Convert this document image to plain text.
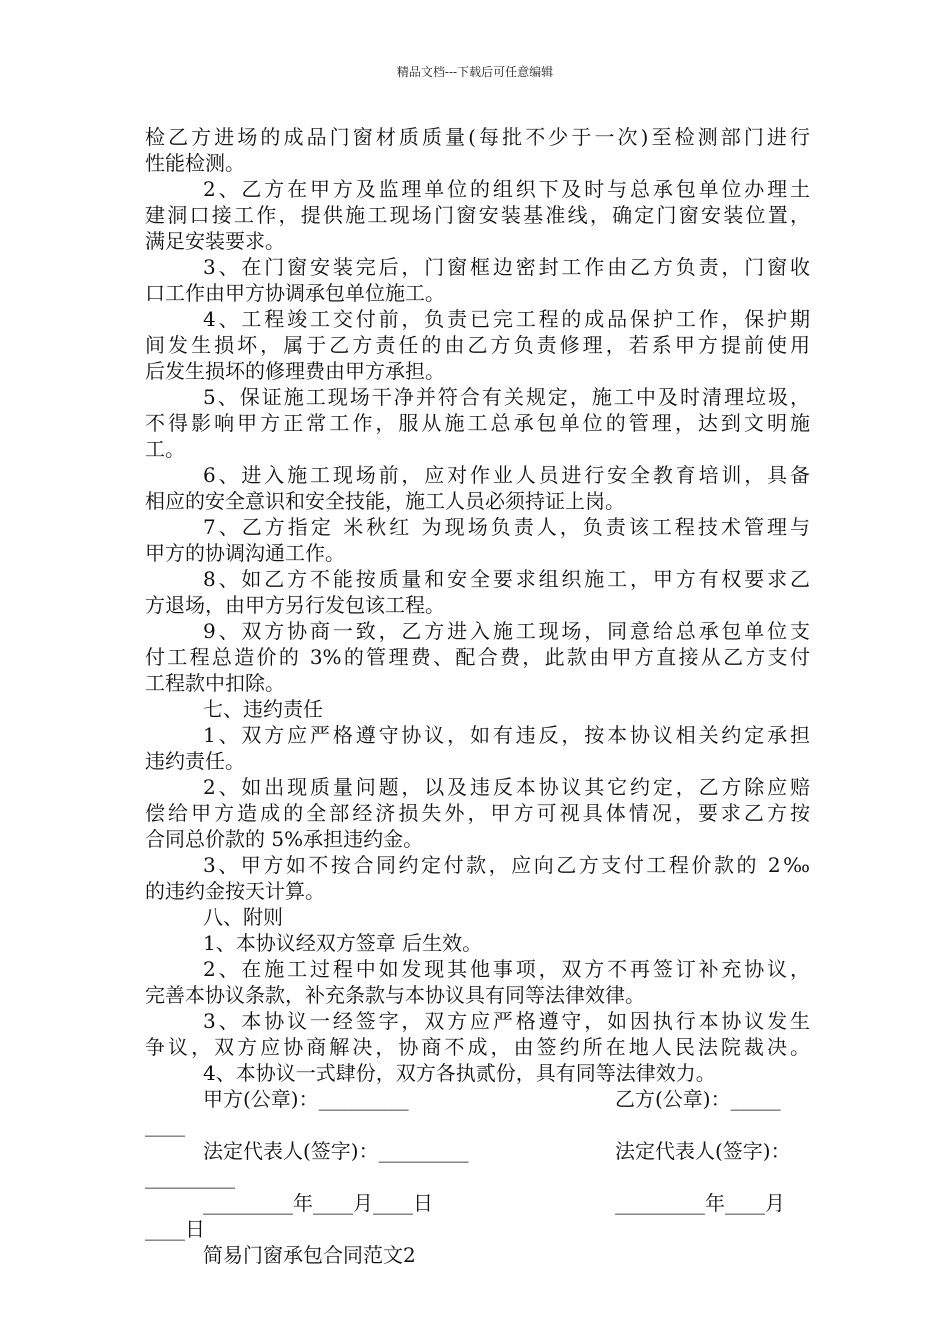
精品文档---下载后可任意编辑
检乙方进场的成品门窗材质质量(每批不少于一次)至检测部门进行
性能检测。
2、乙方在甲方及监理单位的组织下及时与总承包单位办理土
建洞口接工作，提供施工现场门窗安装基准线，确定门窗安装位置，
满足安装要求。
3、在门窗安装完后，门窗框边密封工作由乙方负责，门窗收
口工作由甲方协调承包单位施工。
4、工程竣工交付前，负责已完工程的成品保护工作，保护期
间发生损坏，属于乙方责任的由乙方负责修理，若系甲方提前使用
后发生损坏的修理费由甲方承担。
5、保证施工现场干净并符合有关规定，施工中及时清理垃圾，
不得影响甲方正常工作，服从施工总承包单位的管理，达到文明施
工。
6、进入施工现场前，应对作业人员进行安全教育培训，具备
相应的安全意识和安全技能，施工人员必须持证上岗。
7、乙方指定 米秋红 为现场负责人，负责该工程技术管理与
甲方的协调沟通工作。
8、如乙方不能按质量和安全要求组织施工，甲方有权要求乙
方退场，由甲方另行发包该工程。
9、双方协商一致，乙方进入施工现场，同意给总承包单位支
付工程总造价的 3%的管理费、配合费，此款由甲方直接从乙方支付
工程款中扣除。
七、违约责任
1、双方应严格遵守协议，如有违反，按本协议相关约定承担
违约责任。
2、如出现质量问题，以及违反本协议其它约定，乙方除应赔
偿给甲方造成的全部经济损失外，甲方可视具体情况，要求乙方按
合同总价款的 5%承担违约金。
3、甲方如不按合同约定付款，应向乙方支付工程价款的 2‰
的违约金按天计算。
八、附则
1、本协议经双方签章 后生效。
2、在施工过程中如发现其他事项，双方不再签订补充协议，
完善本协议条款，补充条款与本协议具有同等法律效律。
3、本协议一经签字，双方应严格遵守，如因执行本协议发生
争议，双方应协商解决，协商不成，由签约所在地人民法院裁决。
4、本协议一式肆份，双方各执贰份，具有同等法律效力。
甲方(公章)：_________	乙方(公章)：_____
____
法定代表人(签字)：_________	法定代表人(签字)：
_________
_________年____月____日	_________年____月
____日
简易门窗承包合同范文2
